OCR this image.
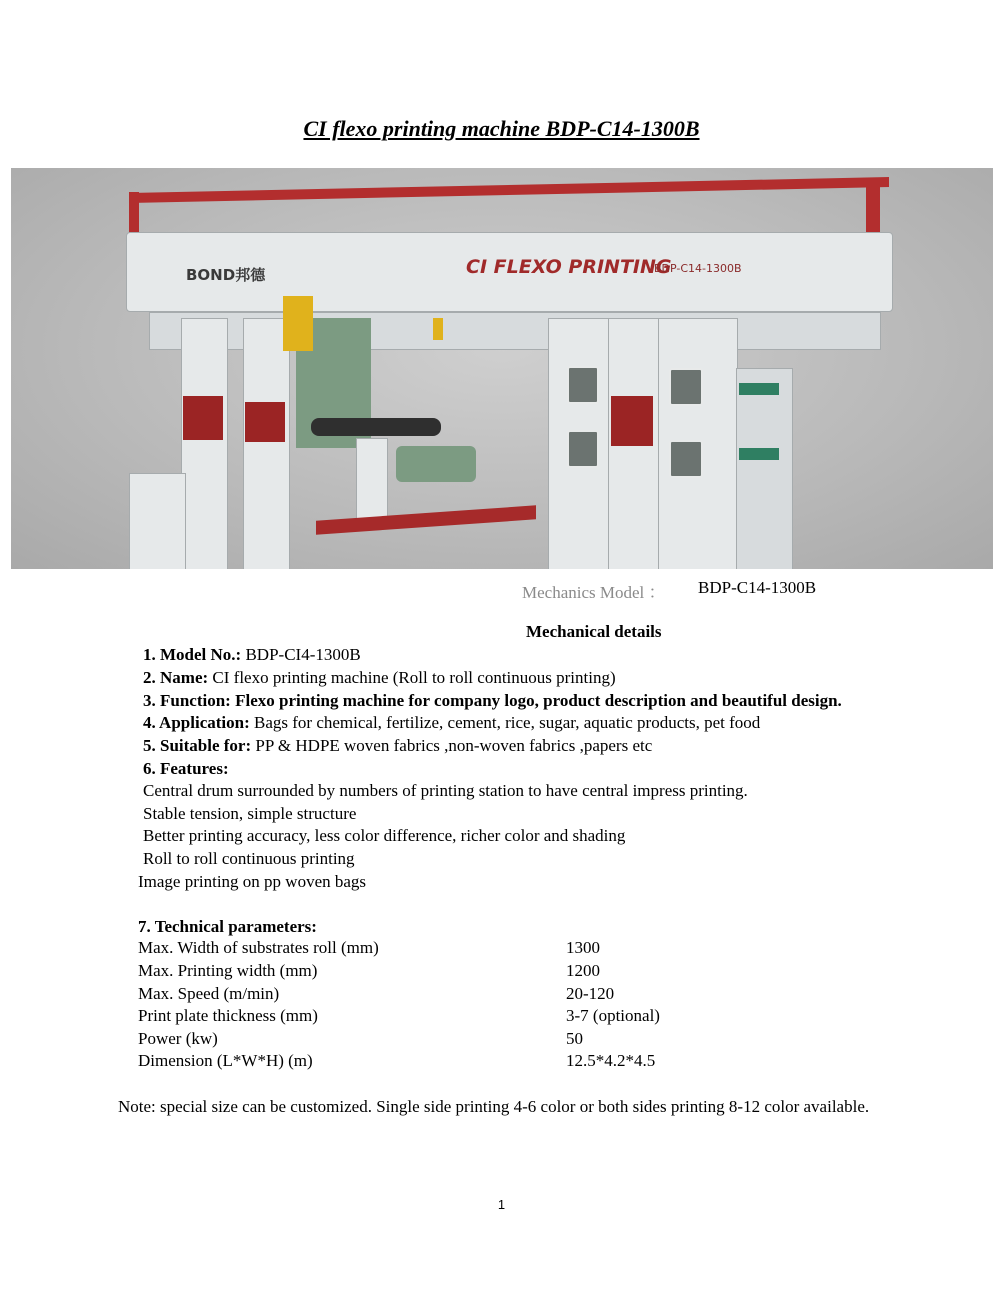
CI flexo printing machine BDP-C14-1300B
BOND邦德	CI FLEXO PRINTING
BDP-C14-1300B
Mechanics Model ： BDP-C14-1300B
Mechanical details
1. Model No.: BDP-CI4-1300B
2. Name: CI flexo printing machine (Roll to roll continuous printing)
3. Function: Flexo printing machine for company logo, product description and beautiful design.
4. Application: Bags for chemical, fertilize, cement, rice, sugar, aquatic products, pet food
5. Suitable for: PP & HDPE woven fabrics ,non-woven fabrics ,papers etc
6. Features:
Central drum surrounded by numbers of printing station to have central impress printing.
Stable tension, simple structure
Better printing accuracy, less color difference, richer color and shading
Roll to roll continuous printing
Image printing on pp woven bags
7. Technical parameters:
Max. Width of substrates roll (mm)	1300
Max. Printing width (mm)	1200
Max. Speed (m/min)	20-120
Print plate thickness (mm)	3-7 (optional)
Power (kw)	50
Dimension (L*W*H) (m)	12.5*4.2*4.5
Note: special size can be customized. Single side printing 4-6 color or both sides printing 8-12 color available.
1
